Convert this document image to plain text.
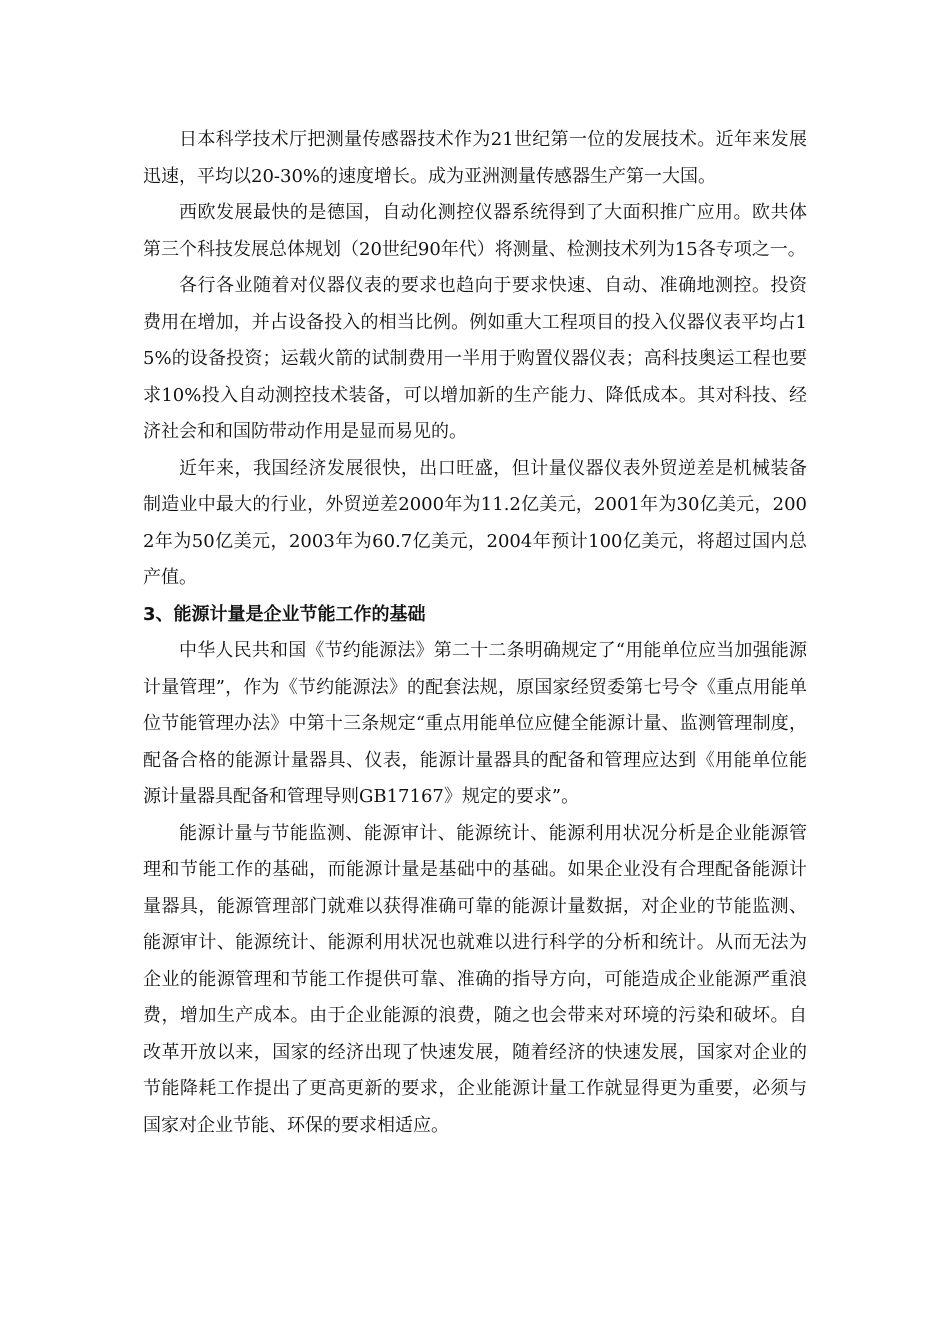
日本科学技术厅把测量传感器技术作为21世纪第一位的发展技术。近年来发展迅速，平均以20-30%的速度增长。成为亚洲测量传感器生产第一大国。

西欧发展最快的是德国，自动化测控仪器系统得到了大面积推广应用。欧共体第三个科技发展总体规划（20世纪90年代）将测量、检测技术列为15各专项之一。

各行各业随着对仪器仪表的要求也趋向于要求快速、自动、准确地测控。投资费用在增加，并占设备投入的相当比例。例如重大工程项目的投入仪器仪表平均占15%的设备投资；运载火箭的试制费用一半用于购置仪器仪表；高科技奥运工程也要求10%投入自动测控技术装备，可以增加新的生产能力、降低成本。其对科技、经济社会和和国防带动作用是显而易见的。

近年来，我国经济发展很快，出口旺盛，但计量仪器仪表外贸逆差是机械装备制造业中最大的行业，外贸逆差2000年为11.2亿美元，2001年为30亿美元，2002年为50亿美元，2003年为60.7亿美元，2004年预计100亿美元，将超过国内总产值。

3、能源计量是企业节能工作的基础

中华人民共和国《节约能源法》第二十二条明确规定了“用能单位应当加强能源计量管理”，作为《节约能源法》的配套法规，原国家经贸委第七号令《重点用能单位节能管理办法》中第十三条规定“重点用能单位应健全能源计量、监测管理制度，配备合格的能源计量器具、仪表，能源计量器具的配备和管理应达到《用能单位能源计量器具配备和管理导则GB17167》规定的要求”。

能源计量与节能监测、能源审计、能源统计、能源利用状况分析是企业能源管理和节能工作的基础，而能源计量是基础中的基础。如果企业没有合理配备能源计量器具，能源管理部门就难以获得准确可靠的能源计量数据，对企业的节能监测、能源审计、能源统计、能源利用状况也就难以进行科学的分析和统计。从而无法为企业的能源管理和节能工作提供可靠、准确的指导方向，可能造成企业能源严重浪费，增加生产成本。由于企业能源的浪费，随之也会带来对环境的污染和破坏。自改革开放以来，国家的经济出现了快速发展，随着经济的快速发展，国家对企业的节能降耗工作提出了更高更新的要求，企业能源计量工作就显得更为重要，必须与国家对企业节能、环保的要求相适应。
